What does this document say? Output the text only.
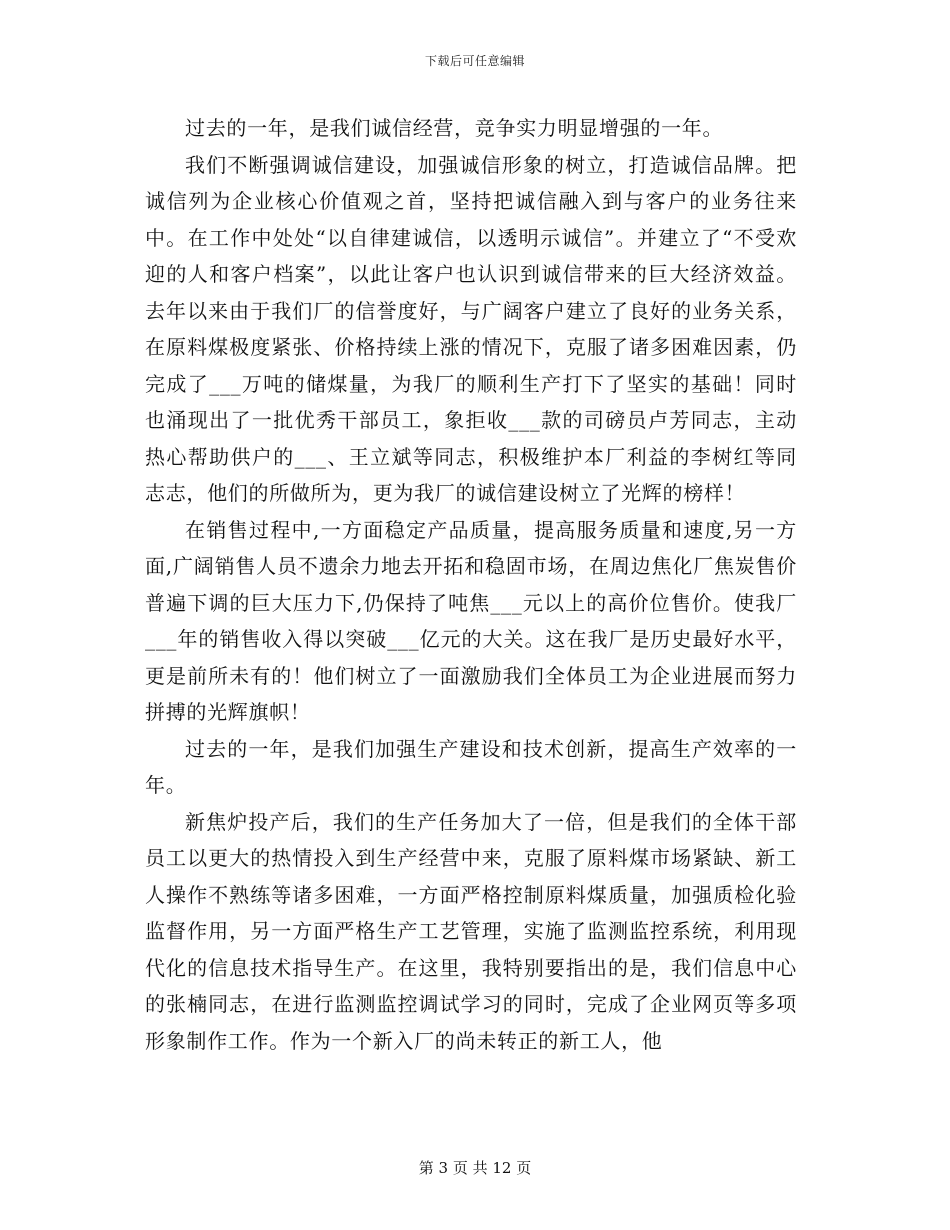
下载后可任意编辑

过去的一年，是我们诚信经营，竞争实力明显增强的一年。

我们不断强调诚信建设，加强诚信形象的树立，打造诚信品牌。把诚信列为企业核心价值观之首，坚持把诚信融入到与客户的业务往来中。在工作中处处“以自律建诚信，以透明示诚信”。并建立了“不受欢迎的人和客户档案”，以此让客户也认识到诚信带来的巨大经济效益。去年以来由于我们厂的信誉度好，与广阔客户建立了良好的业务关系，在原料煤极度紧张、价格持续上涨的情况下，克服了诸多困难因素，仍完成了___万吨的储煤量，为我厂的顺利生产打下了坚实的基础！同时也涌现出了一批优秀干部员工，象拒收___款的司磅员卢芳同志，主动热心帮助供户的___、王立斌等同志，积极维护本厂利益的李树红等同志志，他们的所做所为，更为我厂的诚信建设树立了光辉的榜样！

在销售过程中,一方面稳定产品质量，提高服务质量和速度,另一方面,广阔销售人员不遗余力地去开拓和稳固市场，在周边焦化厂焦炭售价普遍下调的巨大压力下,仍保持了吨焦___元以上的高价位售价。使我厂___年的销售收入得以突破___亿元的大关。这在我厂是历史最好水平，更是前所未有的！他们树立了一面激励我们全体员工为企业进展而努力拼搏的光辉旗帜！

过去的一年，是我们加强生产建设和技术创新，提高生产效率的一年。

新焦炉投产后，我们的生产任务加大了一倍，但是我们的全体干部员工以更大的热情投入到生产经营中来，克服了原料煤市场紧缺、新工人操作不熟练等诸多困难，一方面严格控制原料煤质量，加强质检化验监督作用，另一方面严格生产工艺管理，实施了监测监控系统，利用现代化的信息技术指导生产。在这里，我特别要指出的是，我们信息中心的张楠同志，在进行监测监控调试学习的同时，完成了企业网页等多项形象制作工作。作为一个新入厂的尚未转正的新工人，他

第 3 页 共 12 页
